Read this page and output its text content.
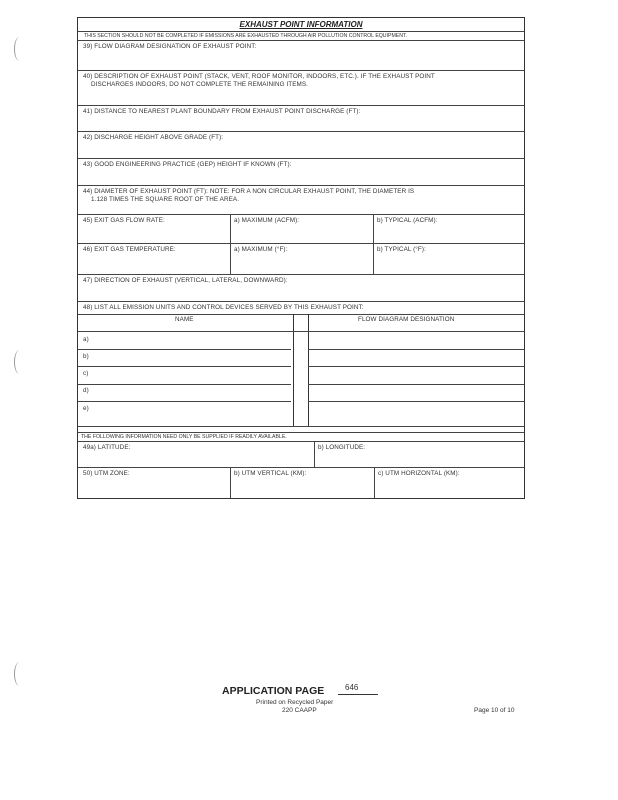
EXHAUST POINT INFORMATION
THIS SECTION SHOULD NOT BE COMPLETED IF EMISSIONS ARE EXHAUSTED THROUGH AIR POLLUTION CONTROL EQUIPMENT.
39) FLOW DIAGRAM DESIGNATION OF EXHAUST POINT:
40) DESCRIPTION OF EXHAUST POINT (STACK, VENT, ROOF MONITOR, INDOORS, ETC.). IF THE EXHAUST POINT
DISCHARGES INDOORS, DO NOT COMPLETE THE REMAINING ITEMS.
41) DISTANCE TO NEAREST PLANT BOUNDARY FROM EXHAUST POINT DISCHARGE (FT):
42) DISCHARGE HEIGHT ABOVE GRADE (FT):
43) GOOD ENGINEERING PRACTICE (GEP) HEIGHT IF KNOWN (FT):
44) DIAMETER OF EXHAUST POINT (FT): NOTE: FOR A NON CIRCULAR EXHAUST POINT, THE DIAMETER IS
1.128 TIMES THE SQUARE ROOT OF THE AREA.
45) EXIT GAS FLOW RATE:	a) MAXIMUM (ACFM):	b) TYPICAL (ACFM):
46) EXIT GAS TEMPERATURE:	a) MAXIMUM (°F):	b) TYPICAL (°F):
47) DIRECTION OF EXHAUST (VERTICAL, LATERAL, DOWNWARD):
48) LIST ALL EMISSION UNITS AND CONTROL DEVICES SERVED BY THIS EXHAUST POINT:
NAME	FLOW DIAGRAM DESIGNATION
a)
b)
c)
d)
e)
THE FOLLOWING INFORMATION NEED ONLY BE SUPPLIED IF READILY AVAILABLE.
49a) LATITUDE:	b) LONGITUDE:
50) UTM ZONE:	b) UTM VERTICAL (KM):	c) UTM HORIZONTAL (KM):
APPLICATION PAGE	646
Printed on Recycled Paper
220 CAAPP	Page 10 of 10
